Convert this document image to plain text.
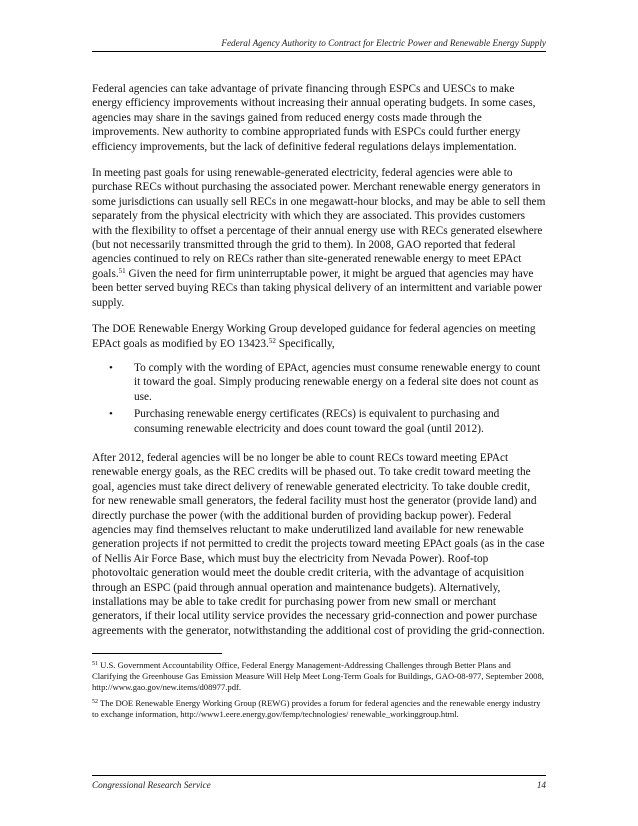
Federal Agency Authority to Contract for Electric Power and Renewable Energy Supply

Federal agencies can take advantage of private financing through ESPCs and UESCs to make energy efficiency improvements without increasing their annual operating budgets. In some cases, agencies may share in the savings gained from reduced energy costs made through the improvements. New authority to combine appropriated funds with ESPCs could further energy efficiency improvements, but the lack of definitive federal regulations delays implementation.

In meeting past goals for using renewable-generated electricity, federal agencies were able to purchase RECs without purchasing the associated power. Merchant renewable energy generators in some jurisdictions can usually sell RECs in one megawatt-hour blocks, and may be able to sell them separately from the physical electricity with which they are associated. This provides customers with the flexibility to offset a percentage of their annual energy use with RECs generated elsewhere (but not necessarily transmitted through the grid to them). In 2008, GAO reported that federal agencies continued to rely on RECs rather than site-generated renewable energy to meet EPAct goals.$^{51}$ Given the need for firm uninterruptable power, it might be argued that agencies may have been better served buying RECs than taking physical delivery of an intermittent and variable power supply.

The DOE Renewable Energy Working Group developed guidance for federal agencies on meeting EPAct goals as modified by EO 13423.52 Specifically,

• To comply with the wording of EPAct, agencies must consume renewable energy to count it toward the goal. Simply producing renewable energy on a federal site does not count as use.
• Purchasing renewable energy certificates (RECs) is equivalent to purchasing and consuming renewable electricity and does count toward the goal (until 2012).

After 2012, federal agencies will be no longer be able to count RECs toward meeting EPAct renewable energy goals, as the REC credits will be phased out. To take credit toward meeting the goal, agencies must take direct delivery of renewable generated electricity. To take double credit, for new renewable small generators, the federal facility must host the generator (provide land) and directly purchase the power (with the additional burden of providing backup power). Federal agencies may find themselves reluctant to make underutilized land available for new renewable generation projects if not permitted to credit the projects toward meeting EPAct goals (as in the case of Nellis Air Force Base, which must buy the electricity from Nevada Power). Roof-top photovoltaic generation would meet the double credit criteria, with the advantage of acquisition through an ESPC (paid through annual operation and maintenance budgets). Alternatively, installations may be able to take credit for purchasing power from new small or merchant generators, if their local utility service provides the necessary grid-connection and power purchase agreements with the generator, notwithstanding the additional cost of providing the grid-connection.

$^{51}$ U.S. Government Accountability Office, Federal Energy Management-Addressing Challenges through Better Plans and Clarifying the Greenhouse Gas Emission Measure Will Help Meet Long-Term Goals for Buildings, GAO-08-977, September 2008, http://www.gao.gov/new.items/d08977.pdf.

$^{52}$ The DOE Renewable Energy Working Group (REWG) provides a forum for federal agencies and the renewable energy industry to exchange information, http://www1.eere.energy.gov/femp/technologies/ renewable_workinggroup.html.

Congressional Research Service	14
